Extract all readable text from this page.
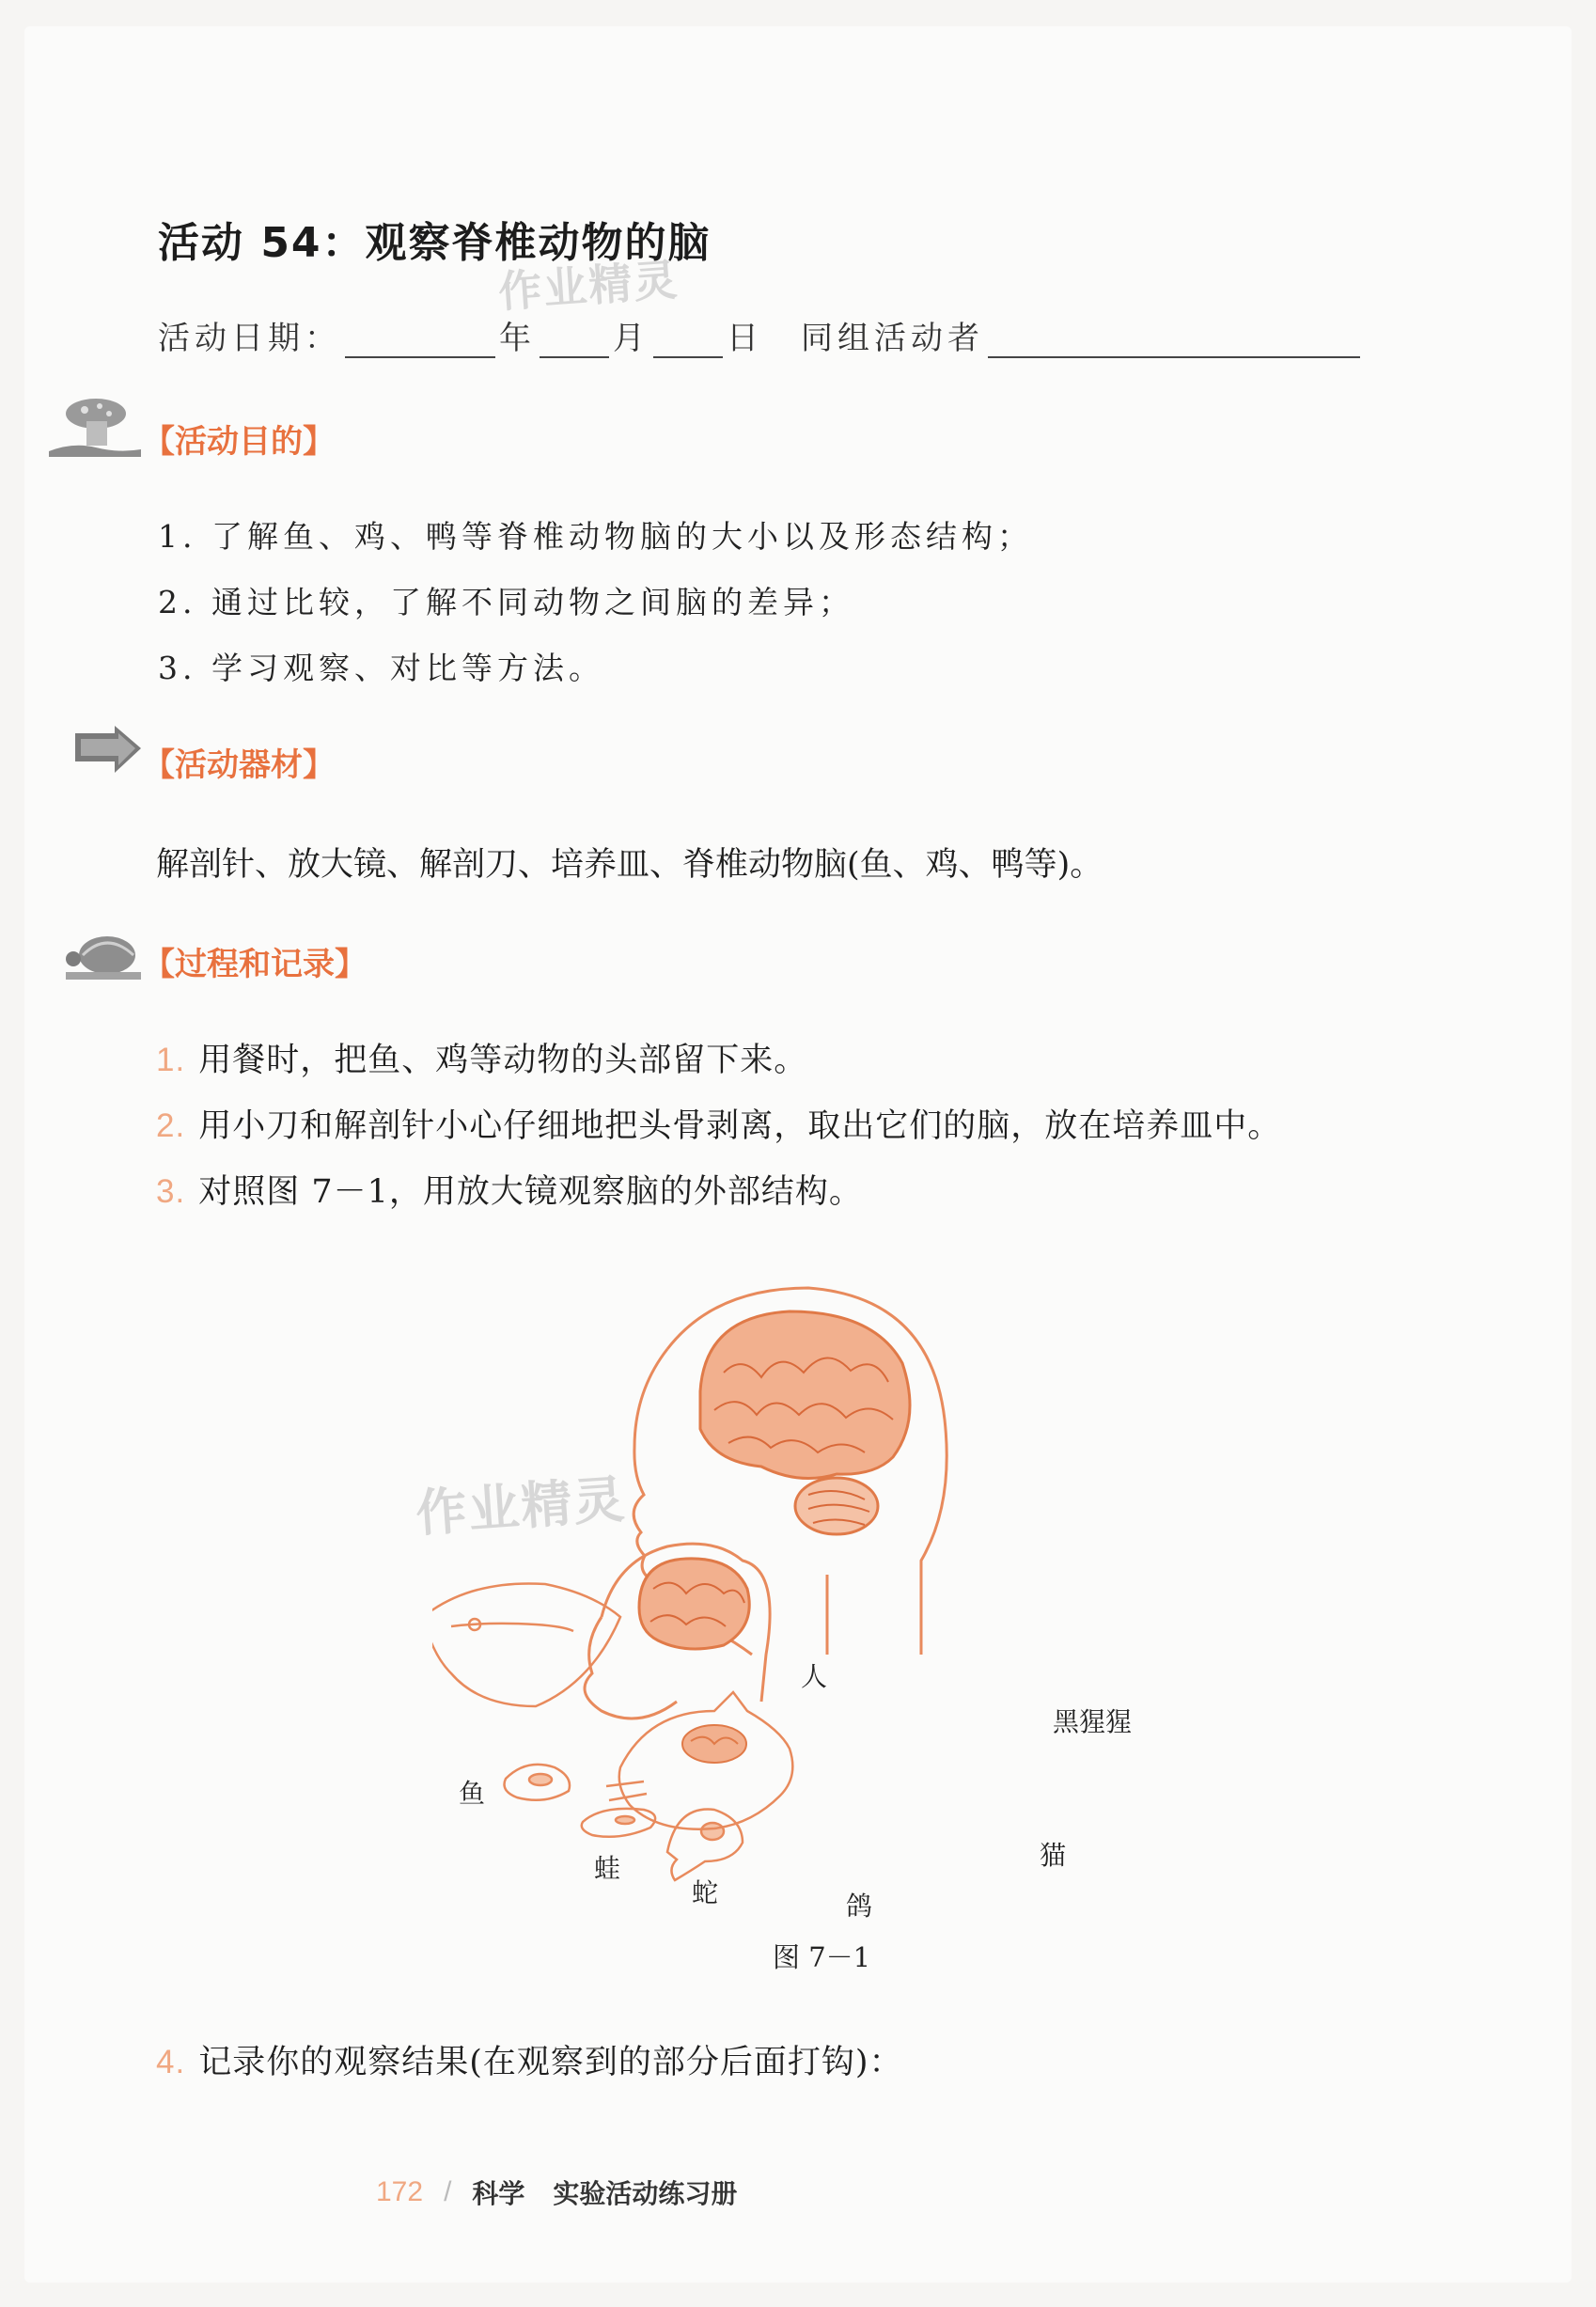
活动 54：观察脊椎动物的脑
作业精灵
活动日期：	年 月 日 同组活动者
【活动目的】
1. 了解鱼、鸡、鸭等脊椎动物脑的大小以及形态结构；
2. 通过比较，了解不同动物之间脑的差异；
3. 学习观察、对比等方法。
【活动器材】
解剖针、放大镜、解剖刀、培养皿、脊椎动物脑(鱼、鸡、鸭等)。
【过程和记录】
1. 用餐时，把鱼、鸡等动物的头部留下来。
2. 用小刀和解剖针小心仔细地把头骨剥离，取出它们的脑，放在培养皿中。
3. 对照图 7－1，用放大镜观察脑的外部结构。
人
黑猩猩
鱼
蛙
蛇	鸽
猫
图 7－1
作业精灵
4. 记录你的观察结果(在观察到的部分后面打钩)：
172 / 科学 实验活动练习册
